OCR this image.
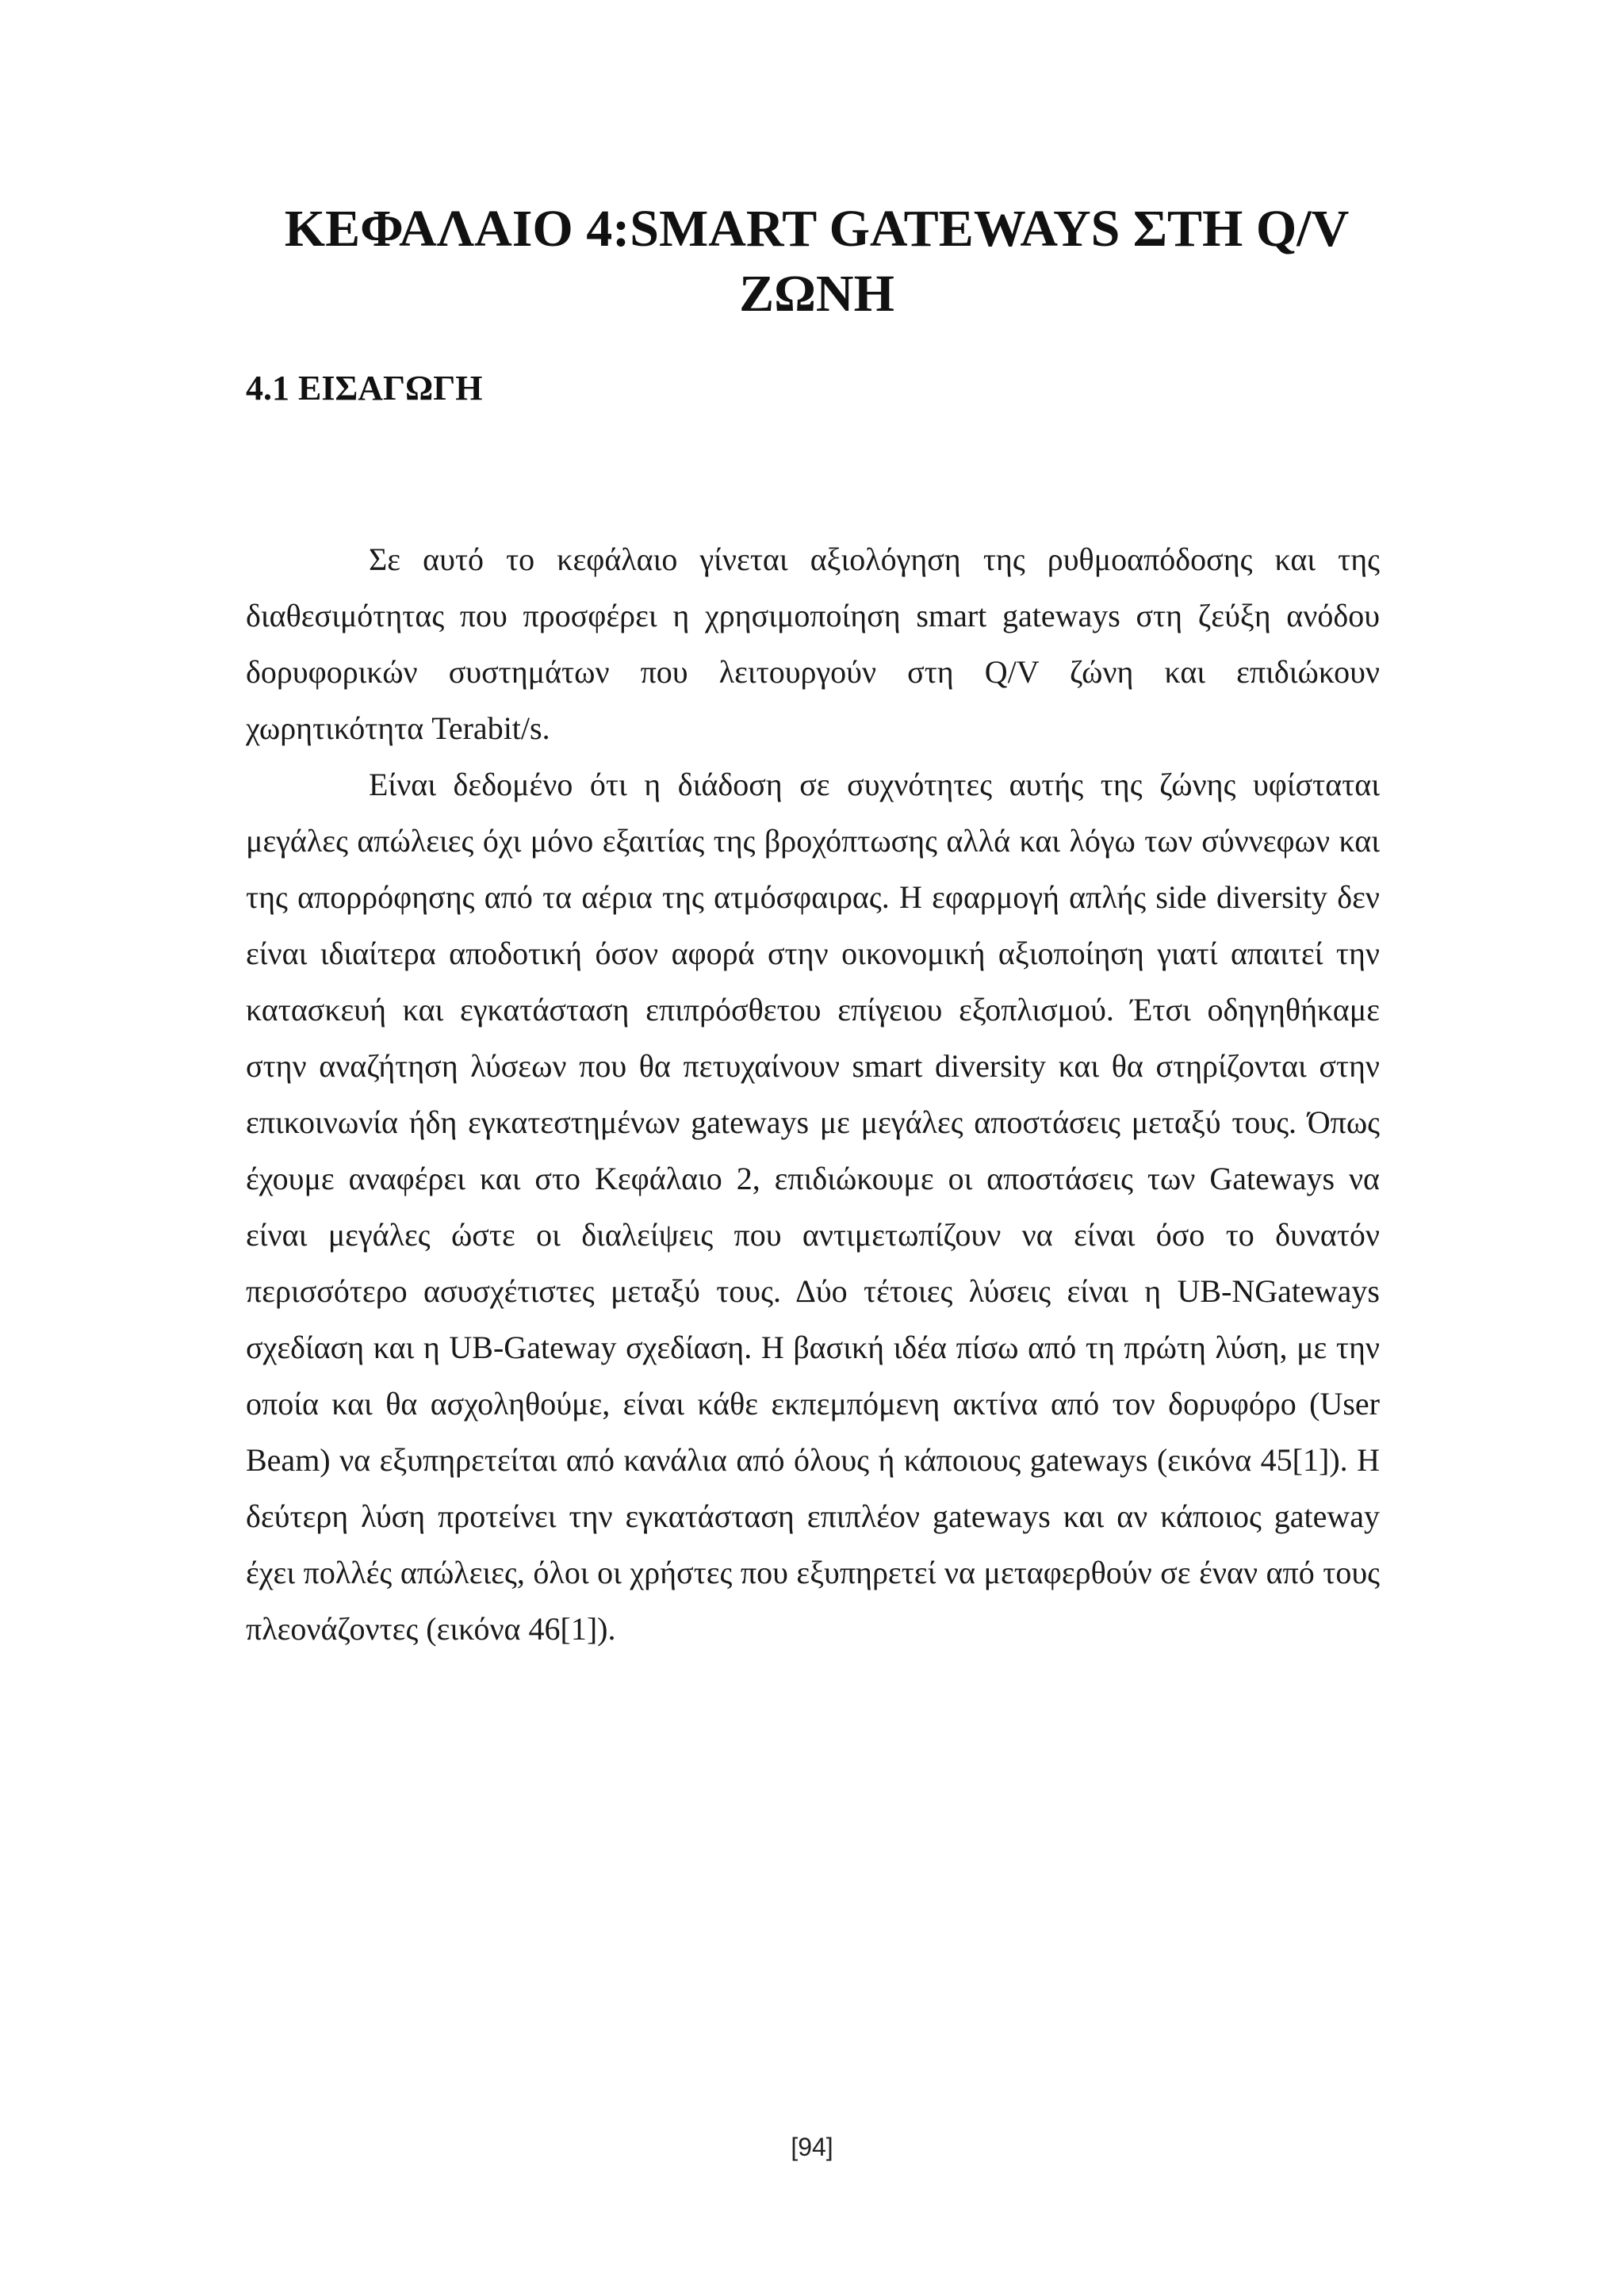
ΚΕΦΑΛΑΙΟ 4:SMART GATEWAYS ΣΤΗ Q/V ΖΩΝΗ
4.1 ΕΙΣΑΓΩΓΗ

Σε αυτό το κεφάλαιο γίνεται αξιολόγηση της ρυθμοαπόδοσης και της διαθεσιμότητας που προσφέρει η χρησιμοποίηση smart gateways στη ζεύξη ανόδου δορυφορικών συστημάτων που λειτουργούν στη Q/V ζώνη και επιδιώκουν χωρητικότητα Terabit/s.

Είναι δεδομένο ότι η διάδοση σε συχνότητες αυτής της ζώνης υφίσταται μεγάλες απώλειες όχι μόνο εξαιτίας της βροχόπτωσης αλλά και λόγω των σύννεφων και της απορρόφησης από τα αέρια της ατμόσφαιρας. Η εφαρμογή απλής side diversity δεν είναι ιδιαίτερα αποδοτική όσον αφορά στην οικονομική αξιοποίηση γιατί απαιτεί την κατασκευή και εγκατάσταση επιπρόσθετου επίγειου εξοπλισμού. Έτσι οδηγηθήκαμε στην αναζήτηση λύσεων που θα πετυχαίνουν smart diversity και θα στηρίζονται στην επικοινωνία ήδη εγκατεστημένων gateways με μεγάλες αποστάσεις μεταξύ τους. Όπως έχουμε αναφέρει και στο Κεφάλαιο 2, επιδιώκουμε οι αποστάσεις των Gateways να είναι μεγάλες ώστε οι διαλείψεις που αντιμετωπίζουν να είναι όσο το δυνατόν περισσότερο ασυσχέτιστες μεταξύ τους. Δύο τέτοιες λύσεις είναι η UB-NGateways σχεδίαση και η UB-Gateway σχεδίαση. Η βασική ιδέα πίσω από τη πρώτη λύση, με την οποία και θα ασχοληθούμε, είναι κάθε εκπεμπόμενη ακτίνα από τον δορυφόρο (User Beam) να εξυπηρετείται από κανάλια από όλους ή κάποιους gateways (εικόνα 45[1]). Η δεύτερη λύση προτείνει την εγκατάσταση επιπλέον gateways και αν κάποιος gateway έχει πολλές απώλειες, όλοι οι χρήστες που εξυπηρετεί να μεταφερθούν σε έναν από τους πλεονάζοντες (εικόνα 46[1]).

[94]
